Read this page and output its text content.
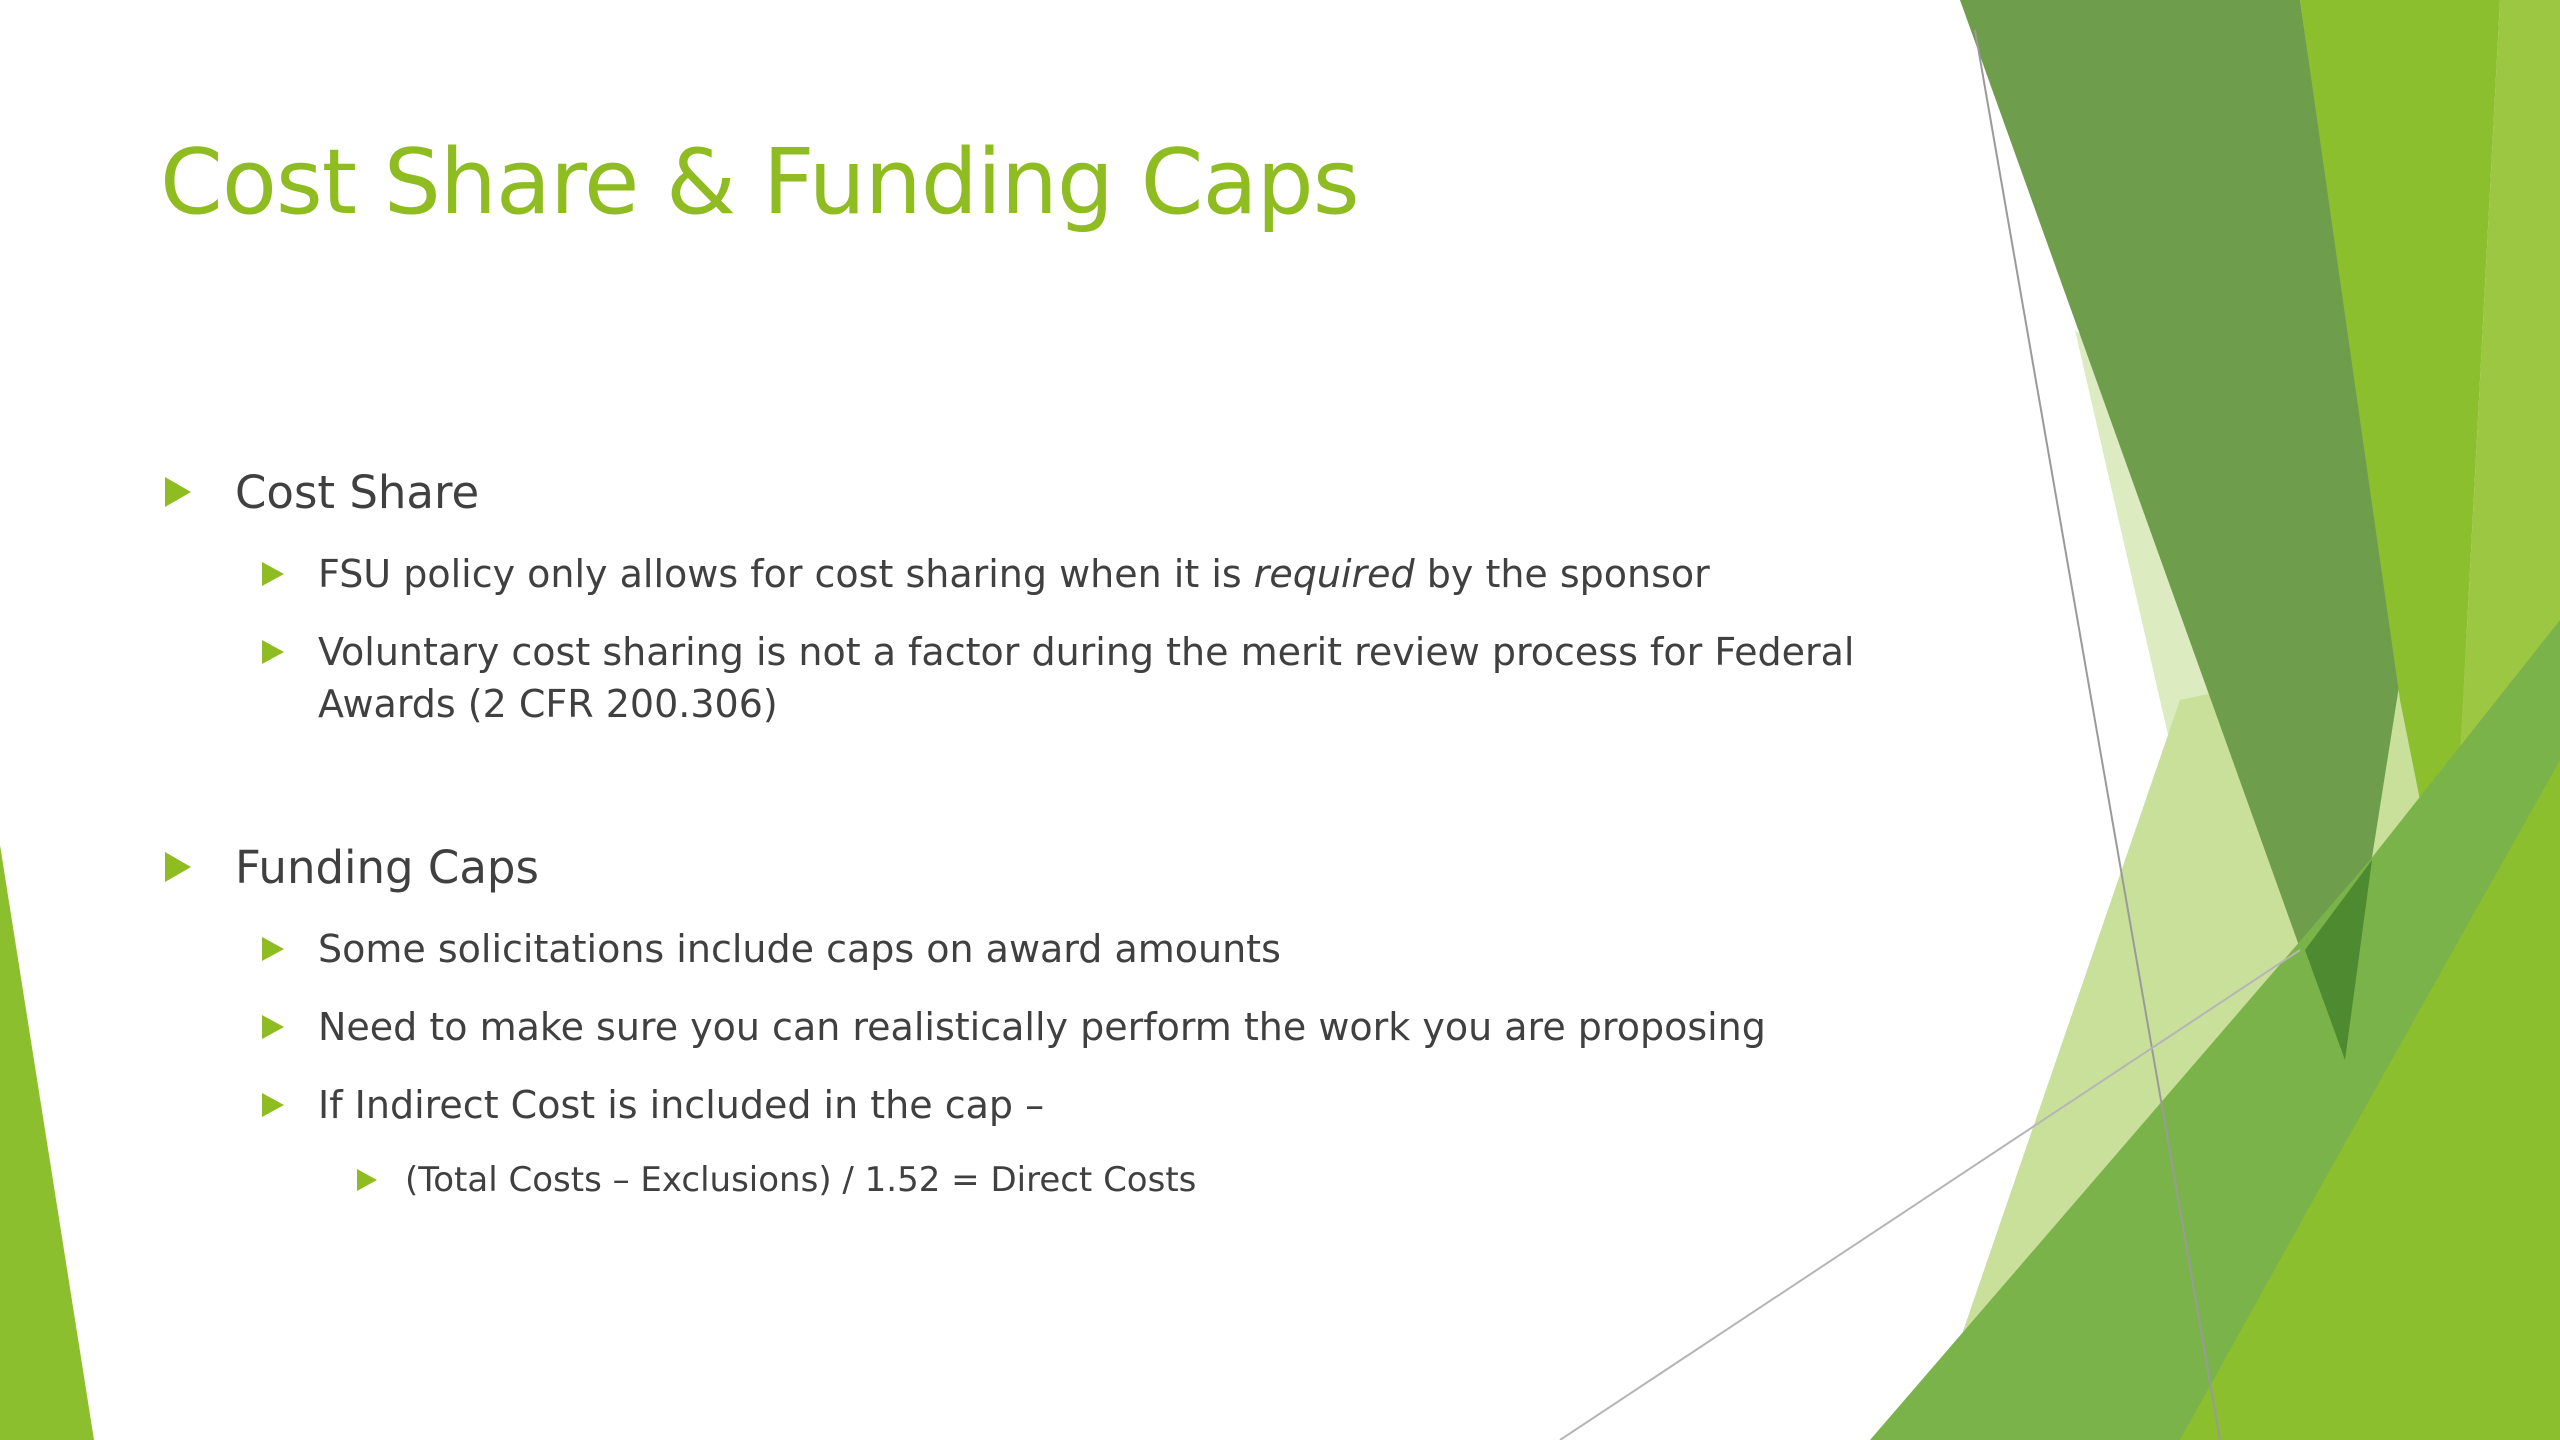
Cost Share & Funding Caps
Cost Share
FSU policy only allows for cost sharing when it is required by the sponsor
Voluntary cost sharing is not a factor during the merit review process for Federal
Awards (2 CFR 200.306)
Funding Caps
Some solicitations include caps on award amounts
Need to make sure you can realistically perform the work you are proposing
If Indirect Cost is included in the cap –
(Total Costs – Exclusions) / 1.52 = Direct Costs
